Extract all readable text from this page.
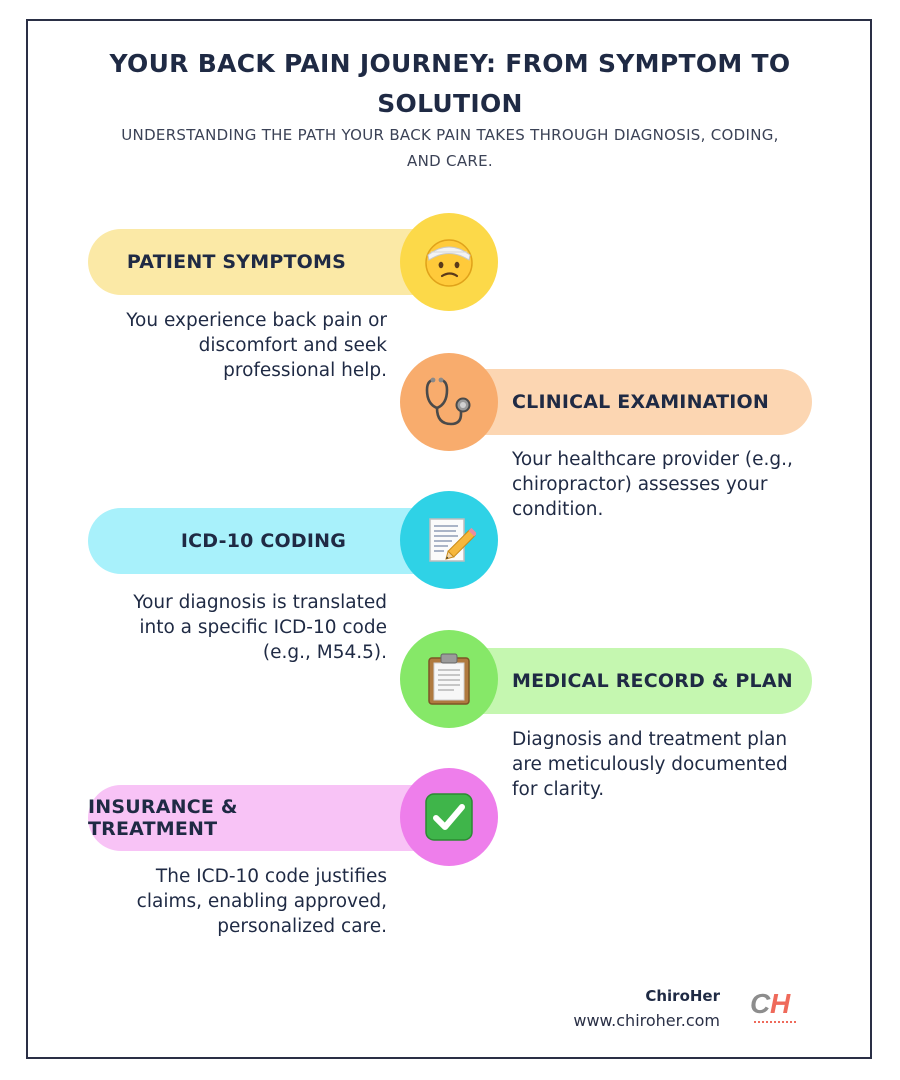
YOUR BACK PAIN JOURNEY: FROM SYMPTOM TO
SOLUTION
UNDERSTANDING THE PATH YOUR BACK PAIN TAKES THROUGH DIAGNOSIS, CODING,
AND CARE.
PATIENT SYMPTOMS
You experience back pain or
discomfort and seek
professional help.
CLINICAL EXAMINATION
Your healthcare provider (e.g.,
chiropractor) assesses your
condition.
ICD-10 CODING
Your diagnosis is translated
into a specific ICD-10 code
(e.g., M54.5).
MEDICAL RECORD & PLAN
Diagnosis and treatment plan
are meticulously documented
for clarity.
INSURANCE & TREATMENT
The ICD-10 code justifies
claims, enabling approved,
personalized care.
ChiroHer
www.chiroher.com
C H
